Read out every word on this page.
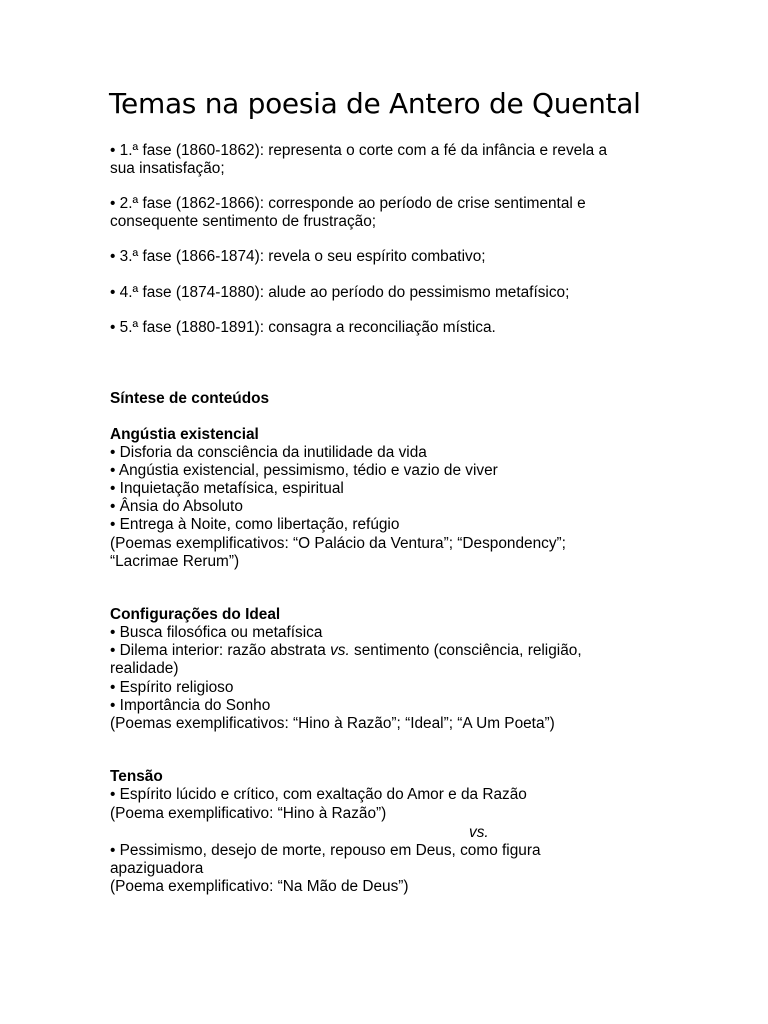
Temas na poesia de Antero de Quental

• 1.ª fase (1860-1862): representa o corte com a fé da infância e revela a

sua insatisfação;

• 2.ª fase (1862-1866): corresponde ao período de crise sentimental e

consequente sentimento de frustração;

• 3.ª fase (1866-1874): revela o seu espírito combativo;

• 4.ª fase (1874-1880): alude ao período do pessimismo metafísico;

• 5.ª fase (1880-1891): consagra a reconciliação mística.

Síntese de conteúdos

Angústia existencial

• Disforia da consciência da inutilidade da vida

• Angústia existencial, pessimismo, tédio e vazio de viver

• Inquietação metafísica, espiritual

• Ânsia do Absoluto

• Entrega à Noite, como libertação, refúgio

(Poemas exemplificativos: “O Palácio da Ventura”; “Despondency”;

“Lacrimae Rerum”)

Configurações do Ideal

• Busca filosófica ou metafísica

• Dilema interior: razão abstrata vs. sentimento (consciência, religião,

realidade)

• Espírito religioso

• Importância do Sonho

(Poemas exemplificativos: “Hino à Razão”; “Ideal”; “A Um Poeta”)

Tensão

• Espírito lúcido e crítico, com exaltação do Amor e da Razão

(Poema exemplificativo: “Hino à Razão”)

vs.

• Pessimismo, desejo de morte, repouso em Deus, como figura

apaziguadora

(Poema exemplificativo: “Na Mão de Deus”)
